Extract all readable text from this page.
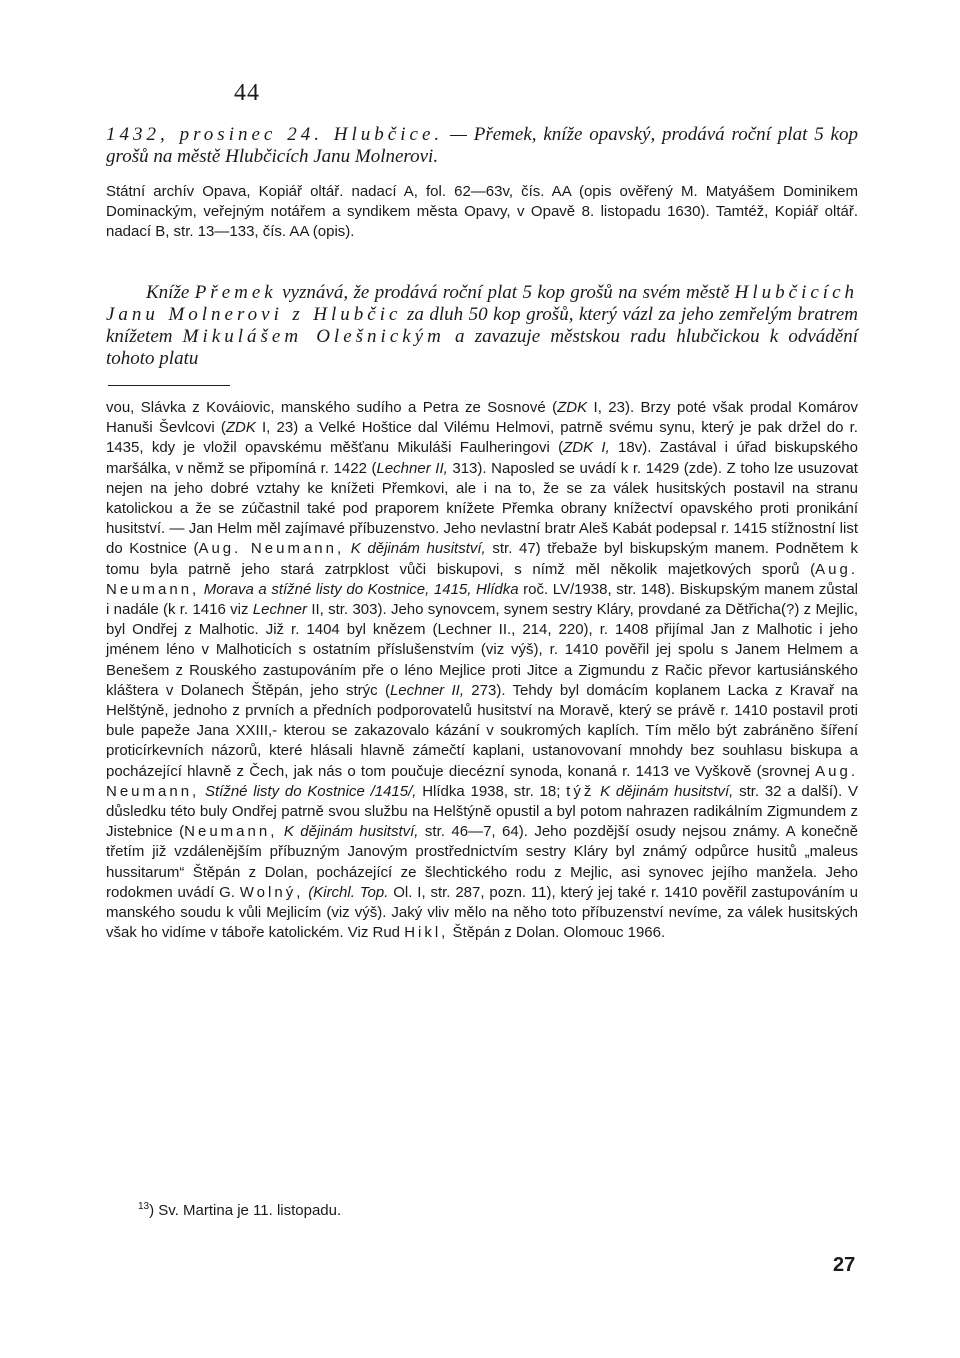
44
1432, prosinec 24. Hlubčice. — Přemek, kníže opavský, prodává roční plat 5 kop grošů na městě Hlubčicích Janu Molnerovi.
Státní archív Opava, Kopiář oltář. nadací A, fol. 62—63v, čís. AA (opis ověřený M. Matyášem Dominikem Dominackým, veřejným notářem a syndikem města Opavy, v Opavě 8. listopadu 1630). Tamtéž, Kopiář oltář. nadací B, str. 13—133, čís. AA (opis).
Kníže Přemek vyznává, že prodává roční plat 5 kop grošů na svém městě Hlubčicích Janu Molnerovi z Hlubčic za dluh 50 kop grošů, který vázl za jeho zemřelým bratrem knížetem Mikulášem Olešnickým a zavazuje městskou radu hlubčickou k odvádění tohoto platu
vou, Slávka z Kováiovic, manského sudího a Petra ze Sosnové (ZDK I, 23). Brzy poté však prodal Komárov Hanuši Ševlcovi (ZDK I, 23) a Velké Hoštice dal Vilému Helmovi, patrně svému synu, který je pak držel do r. 1435, kdy je vložil opavskému měšťanu Mikuláši Faulheringovi (ZDK I, 18v). Zastával i úřad biskupského maršálka, v němž se připomíná r. 1422 (Lechner II, 313). Naposled se uvádí k r. 1429 (zde). Z toho lze usuzovat nejen na jeho dobré vztahy ke knížeti Přemkovi, ale i na to, že se za válek husitských postavil na stranu katolickou a že se zúčastnil také pod praporem knížete Přemka obrany knížectví opavského proti pronikání husitství. — Jan Helm měl zajímavé příbuzenstvo. Jeho nevlastní bratr Aleš Kabát podepsal r. 1415 stížnostní list do Kostnice (Aug. Neumann, K dějinám husitství, str. 47) třebaže byl biskupským manem. Podnětem k tomu byla patrně jeho stará zatrpklost vůči biskupovi, s nímž měl několik majetkových sporů (Aug. Neumann, Morava a stížné listy do Kostnice, 1415, Hlídka roč. LV/1938, str. 148). Biskupským manem zůstal i nadále (k r. 1416 viz Lechner II, str. 303). Jeho synovcem, synem sestry Kláry, provdané za Dětřicha(?) z Mejlic, byl Ondřej z Malhotic. Již r. 1404 byl knězem (Lechner II., 214, 220), r. 1408 přijímal Jan z Malhotic i jeho jménem léno v Malhoticích s ostatním příslušenstvím (viz výš), r. 1410 pověřil jej spolu s Janem Helmem a Benešem z Rouského zastupováním pře o léno Mejlice proti Jitce a Zigmundu z Račic převor kartusiánského kláštera v Dolanech Štěpán, jeho strýc (Lechner II, 273). Tehdy byl domácím koplanem Lacka z Kravař na Helštýně, jednoho z prvních a předních podporovatelů husitství na Moravě, který se právě r. 1410 postavil proti bule papeže Jana XXIII,- kterou se zakazovalo kázání v soukromých kaplích. Tím mělo být zabráněno šíření proticírkevních názorů, které hlásali hlavně zámečtí kaplani, ustanovovaní mnohdy bez souhlasu biskupa a pocházející hlavně z Čech, jak nás o tom poučuje diecézní synoda, konaná r. 1413 ve Vyškově (srovnej Aug. Neumann, Stížné listy do Kostnice /1415/, Hlídka 1938, str. 18; týž K dějinám husitství, str. 32 a další). V důsledku této buly Ondřej patrně svou službu na Helštýně opustil a byl potom nahrazen radikálním Zigmundem z Jistebnice (Neumann, K dějinám husitství, str. 46—7, 64). Jeho pozdější osudy nejsou známy. A konečně třetím již vzdálenějším příbuzným Janovým prostřednictvím sestry Kláry byl známý odpůrce husitů „maleus hussitarum“ Štěpán z Dolan, pocházející ze šlechtického rodu z Mejlic, asi synovec jejího manžela. Jeho rodokmen uvádí G. Wolný, (Kirchl. Top. Ol. I, str. 287, pozn. 11), který jej také r. 1410 pověřil zastupováním u manského soudu k vůli Mejlicím (viz výš). Jaký vliv mělo na něho toto příbuzenství nevíme, za válek husitských však ho vidíme v táboře katolickém. Viz Rud Hikl, Štěpán z Dolan. Olomouc 1966.
$^{13}$) Sv. Martina je 11. listopadu.
27
